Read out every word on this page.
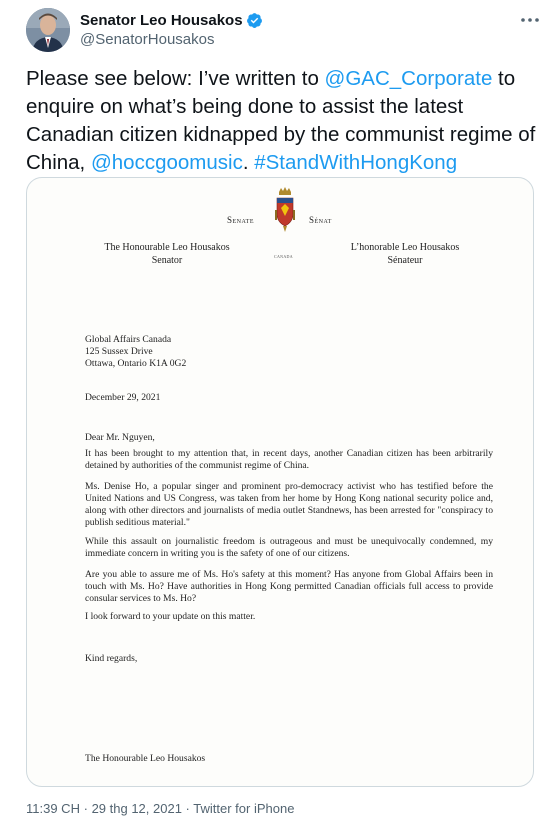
Senator Leo Housakos
@SenatorHousakos
Please see below: I’ve written to @GAC_Corporate to enquire on what’s being done to assist the latest Canadian citizen kidnapped by the communist regime of China, @hoccgoomusic. #StandWithHongKong
Senate	Sénat
CANADA
The Honourable Leo Housakos
Senator
L’honorable Leo Housakos
Sénateur
Global Affairs Canada
125 Sussex Drive
Ottawa, Ontario K1A 0G2
December 29, 2021
Dear Mr. Nguyen,
It has been brought to my attention that, in recent days, another Canadian citizen has been arbitrarily detained by authorities of the communist regime of China.
Ms. Denise Ho, a popular singer and prominent pro-democracy activist who has testified before the United Nations and US Congress, was taken from her home by Hong Kong national security police and, along with other directors and journalists of media outlet Standnews, has been arrested for "conspiracy to publish seditious material."
While this assault on journalistic freedom is outrageous and must be unequivocally condemned, my immediate concern in writing you is the safety of one of our citizens.
Are you able to assure me of Ms. Ho's safety at this moment? Has anyone from Global Affairs been in touch with Ms. Ho? Have authorities in Hong Kong permitted Canadian officials full access to provide consular services to Ms. Ho?
I look forward to your update on this matter.
Kind regards,
The Honourable Leo Housakos
11:39 CH · 29 thg 12, 2021 · Twitter for iPhone
